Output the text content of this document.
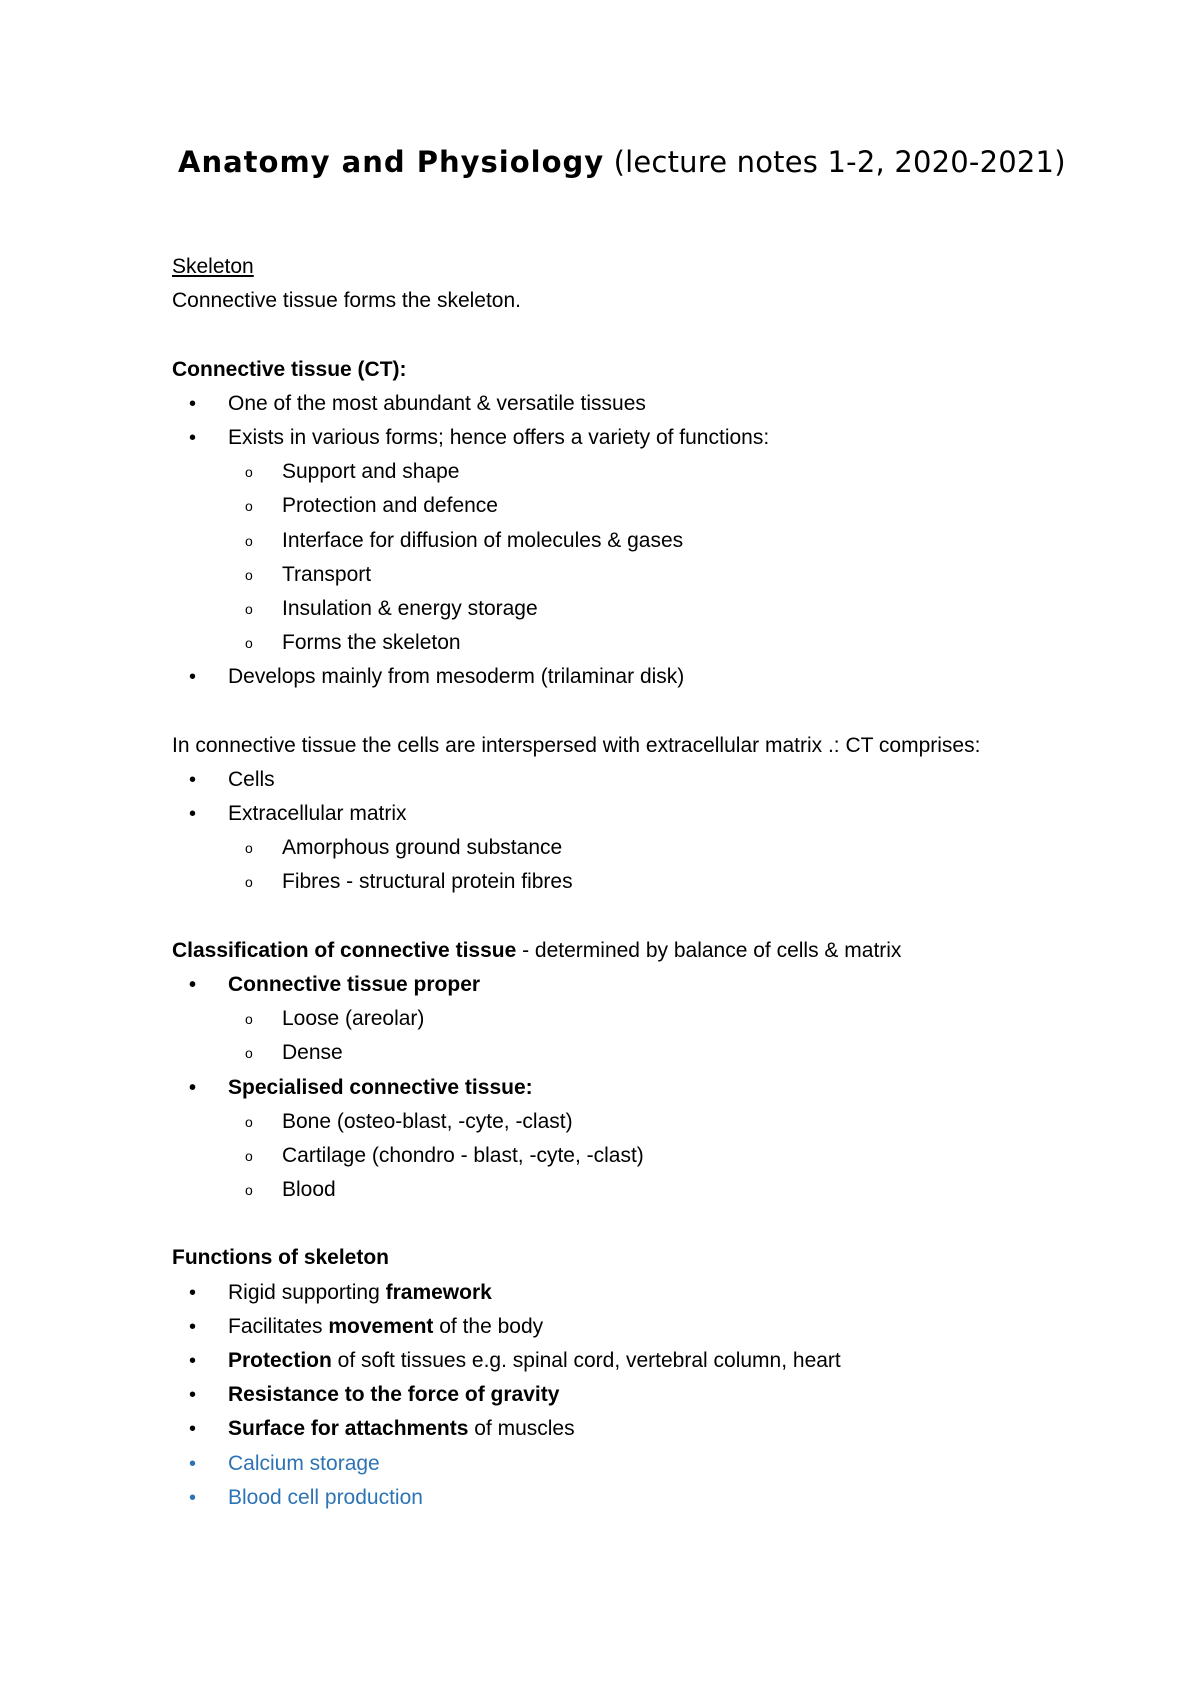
Anatomy and Physiology (lecture notes 1-2, 2020-2021)
Skeleton
Connective tissue forms the skeleton.
Connective tissue (CT):
• One of the most abundant & versatile tissues
• Exists in various forms; hence offers a variety of functions:
o Support and shape
o Protection and defence
o Interface for diffusion of molecules & gases
o Transport
o Insulation & energy storage
o Forms the skeleton
• Develops mainly from mesoderm (trilaminar disk)
In connective tissue the cells are interspersed with extracellular matrix .: CT comprises:
• Cells
• Extracellular matrix
o Amorphous ground substance
o Fibres - structural protein fibres
Classification of connective tissue - determined by balance of cells & matrix
• Connective tissue proper
o Loose (areolar)
o Dense
• Specialised connective tissue:
o Bone (osteo-blast, -cyte, -clast)
o Cartilage (chondro - blast, -cyte, -clast)
o Blood
Functions of skeleton
• Rigid supporting framework
• Facilitates movement of the body
• Protection of soft tissues e.g. spinal cord, vertebral column, heart
• Resistance to the force of gravity
• Surface for attachments of muscles
• Calcium storage
• Blood cell production
